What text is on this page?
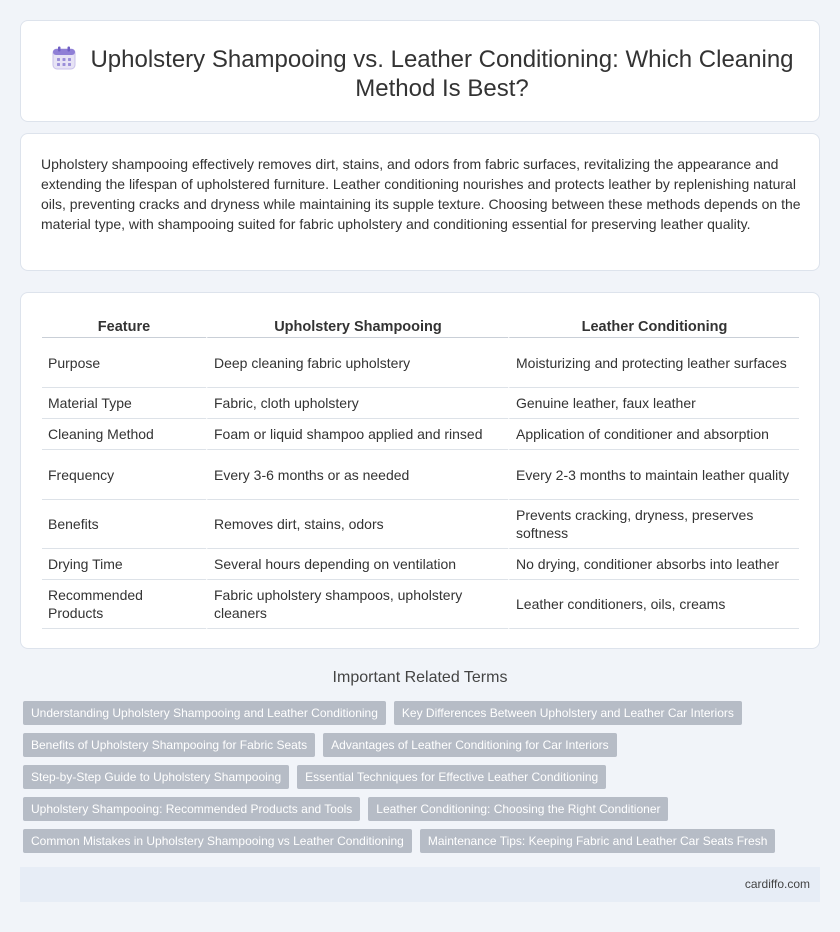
Upholstery Shampooing vs. Leather Conditioning: Which Cleaning Method Is Best?

Upholstery shampooing effectively removes dirt, stains, and odors from fabric surfaces, revitalizing the appearance and extending the lifespan of upholstered furniture. Leather conditioning nourishes and protects leather by replenishing natural oils, preventing cracks and dryness while maintaining its supple texture. Choosing between these methods depends on the material type, with shampooing suited for fabric upholstery and conditioning essential for preserving leather quality.

Feature	Upholstery Shampooing	Leather Conditioning
Purpose	Deep cleaning fabric upholstery	Moisturizing and protecting leather surfaces
Material Type	Fabric, cloth upholstery	Genuine leather, faux leather
Cleaning Method	Foam or liquid shampoo applied and rinsed	Application of conditioner and absorption
Frequency	Every 3-6 months or as needed	Every 2-3 months to maintain leather quality
Benefits	Removes dirt, stains, odors	Prevents cracking, dryness, preserves softness
Drying Time	Several hours depending on ventilation	No drying, conditioner absorbs into leather
Recommended Products	Fabric upholstery shampoos, upholstery cleaners	Leather conditioners, oils, creams
Important Related Terms
Understanding Upholstery Shampooing and Leather Conditioning	Key Differences Between Upholstery and Leather Car Interiors
Benefits of Upholstery Shampooing for Fabric Seats	Advantages of Leather Conditioning for Car Interiors
Step-by-Step Guide to Upholstery Shampooing	Essential Techniques for Effective Leather Conditioning
Upholstery Shampooing: Recommended Products and Tools	Leather Conditioning: Choosing the Right Conditioner
Common Mistakes in Upholstery Shampooing vs Leather Conditioning	Maintenance Tips: Keeping Fabric and Leather Car Seats Fresh
cardiffo.com
